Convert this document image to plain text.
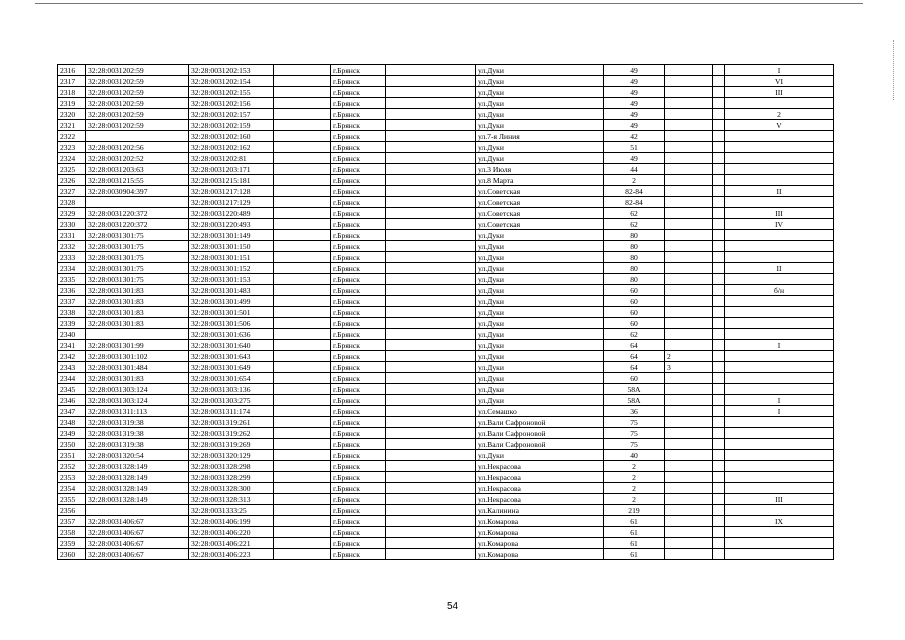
2316	32:28:0031202:59	32:28:0031202:153		г.Брянск		ул.Дуки	49			I
2317	32:28:0031202:59	32:28:0031202:154		г.Брянск		ул.Дуки	49			VI
2318	32:28:0031202:59	32:28:0031202:155		г.Брянск		ул.Дуки	49			III
2319	32:28:0031202:59	32:28:0031202:156		г.Брянск		ул.Дуки	49			
2320	32:28:0031202:59	32:28:0031202:157		г.Брянск		ул.Дуки	49			2
2321	32:28:0031202:59	32:28:0031202:159		г.Брянск		ул.Дуки	49			V
2322		32:28:0031202:160		г.Брянск		ул.7-я Линия	42			
2323	32:28:0031202:56	32:28:0031202:162		г.Брянск		ул.Дуки	51			
2324	32:28:0031202:52	32:28:0031202:81		г.Брянск		ул.Дуки	49			
2325	32:28:0031203:63	32:28:0031203:171		г.Брянск		ул.3 Июля	44			
2326	32:28:0031215:55	32:28:0031215:181		г.Брянск		ул.8 Марта	2			
2327	32:28:0030904:397	32:28:0031217:128		г.Брянск		ул.Советская	82-84			II
2328		32:28:0031217:129		г.Брянск		ул.Советская	82-84			
2329	32:28:0031220:372	32:28:0031220:489		г.Брянск		ул.Советская	62			III
2330	32:28:0031220:372	32:28:0031220:493		г.Брянск		ул.Советская	62			IV
2331	32:28:0031301:75	32:28:0031301:149		г.Брянск		ул.Дуки	80			
2332	32:28:0031301:75	32:28:0031301:150		г.Брянск		ул.Дуки	80			
2333	32:28:0031301:75	32:28:0031301:151		г.Брянск		ул.Дуки	80			
2334	32:28:0031301:75	32:28:0031301:152		г.Брянск		ул.Дуки	80			II
2335	32:28:0031301:75	32:28:0031301:153		г.Брянск		ул.Дуки	80			
2336	32:28:0031301:83	32:28:0031301:483		г.Брянск		ул.Дуки	60			б/н
2337	32:28:0031301:83	32:28:0031301:499		г.Брянск		ул.Дуки	60			
2338	32:28:0031301:83	32:28:0031301:501		г.Брянск		ул.Дуки	60			
2339	32:28:0031301:83	32:28:0031301:506		г.Брянск		ул.Дуки	60			
2340		32:28:0031301:636		г.Брянск		ул.Дуки	62			
2341	32:28:0031301:99	32:28:0031301:640		г.Брянск		ул.Дуки	64			I
2342	32:28:0031301:102	32:28:0031301:643		г.Брянск		ул.Дуки	64	2		
2343	32:28:0031301:484	32:28:0031301:649		г.Брянск		ул.Дуки	64	3		
2344	32:28:0031301:83	32:28:0031301:654		г.Брянск		ул.Дуки	60			
2345	32:28:0031303:124	32:28:0031303:136		г.Брянск		ул.Дуки	58А			
2346	32:28:0031303:124	32:28:0031303:275		г.Брянск		ул.Дуки	58А			I
2347	32:28:0031311:113	32:28:0031311:174		г.Брянск		ул.Семашко	36			I
2348	32:28:0031319:38	32:28:0031319:261		г.Брянск		ул.Вали Сафроновой	75			
2349	32:28:0031319:38	32:28:0031319:262		г.Брянск		ул.Вали Сафроновой	75			
2350	32:28:0031319:38	32:28:0031319:269		г.Брянск		ул.Вали Сафроновой	75			
2351	32:28:0031320:54	32:28:0031320:129		г.Брянск		ул.Дуки	40			
2352	32:28:0031328:149	32:28:0031328:298		г.Брянск		ул.Некрасова	2			
2353	32:28:0031328:149	32:28:0031328:299		г.Брянск		ул.Некрасова	2			
2354	32:28:0031328:149	32:28:0031328:300		г.Брянск		ул.Некрасова	2			
2355	32:28:0031328:149	32:28:0031328:313		г.Брянск		ул.Некрасова	2			III
2356		32:28:0031333:25		г.Брянск		ул.Калинина	219			
2357	32:28:0031406:67	32:28:0031406:199		г.Брянск		ул.Комарова	61			IX
2358	32:28:0031406:67	32:28:0031406:220		г.Брянск		ул.Комарова	61			
2359	32:28:0031406:67	32:28:0031406:221		г.Брянск		ул.Комарова	61			
2360	32:28:0031406:67	32:28:0031406:223		г.Брянск		ул.Комарова	61			
54
